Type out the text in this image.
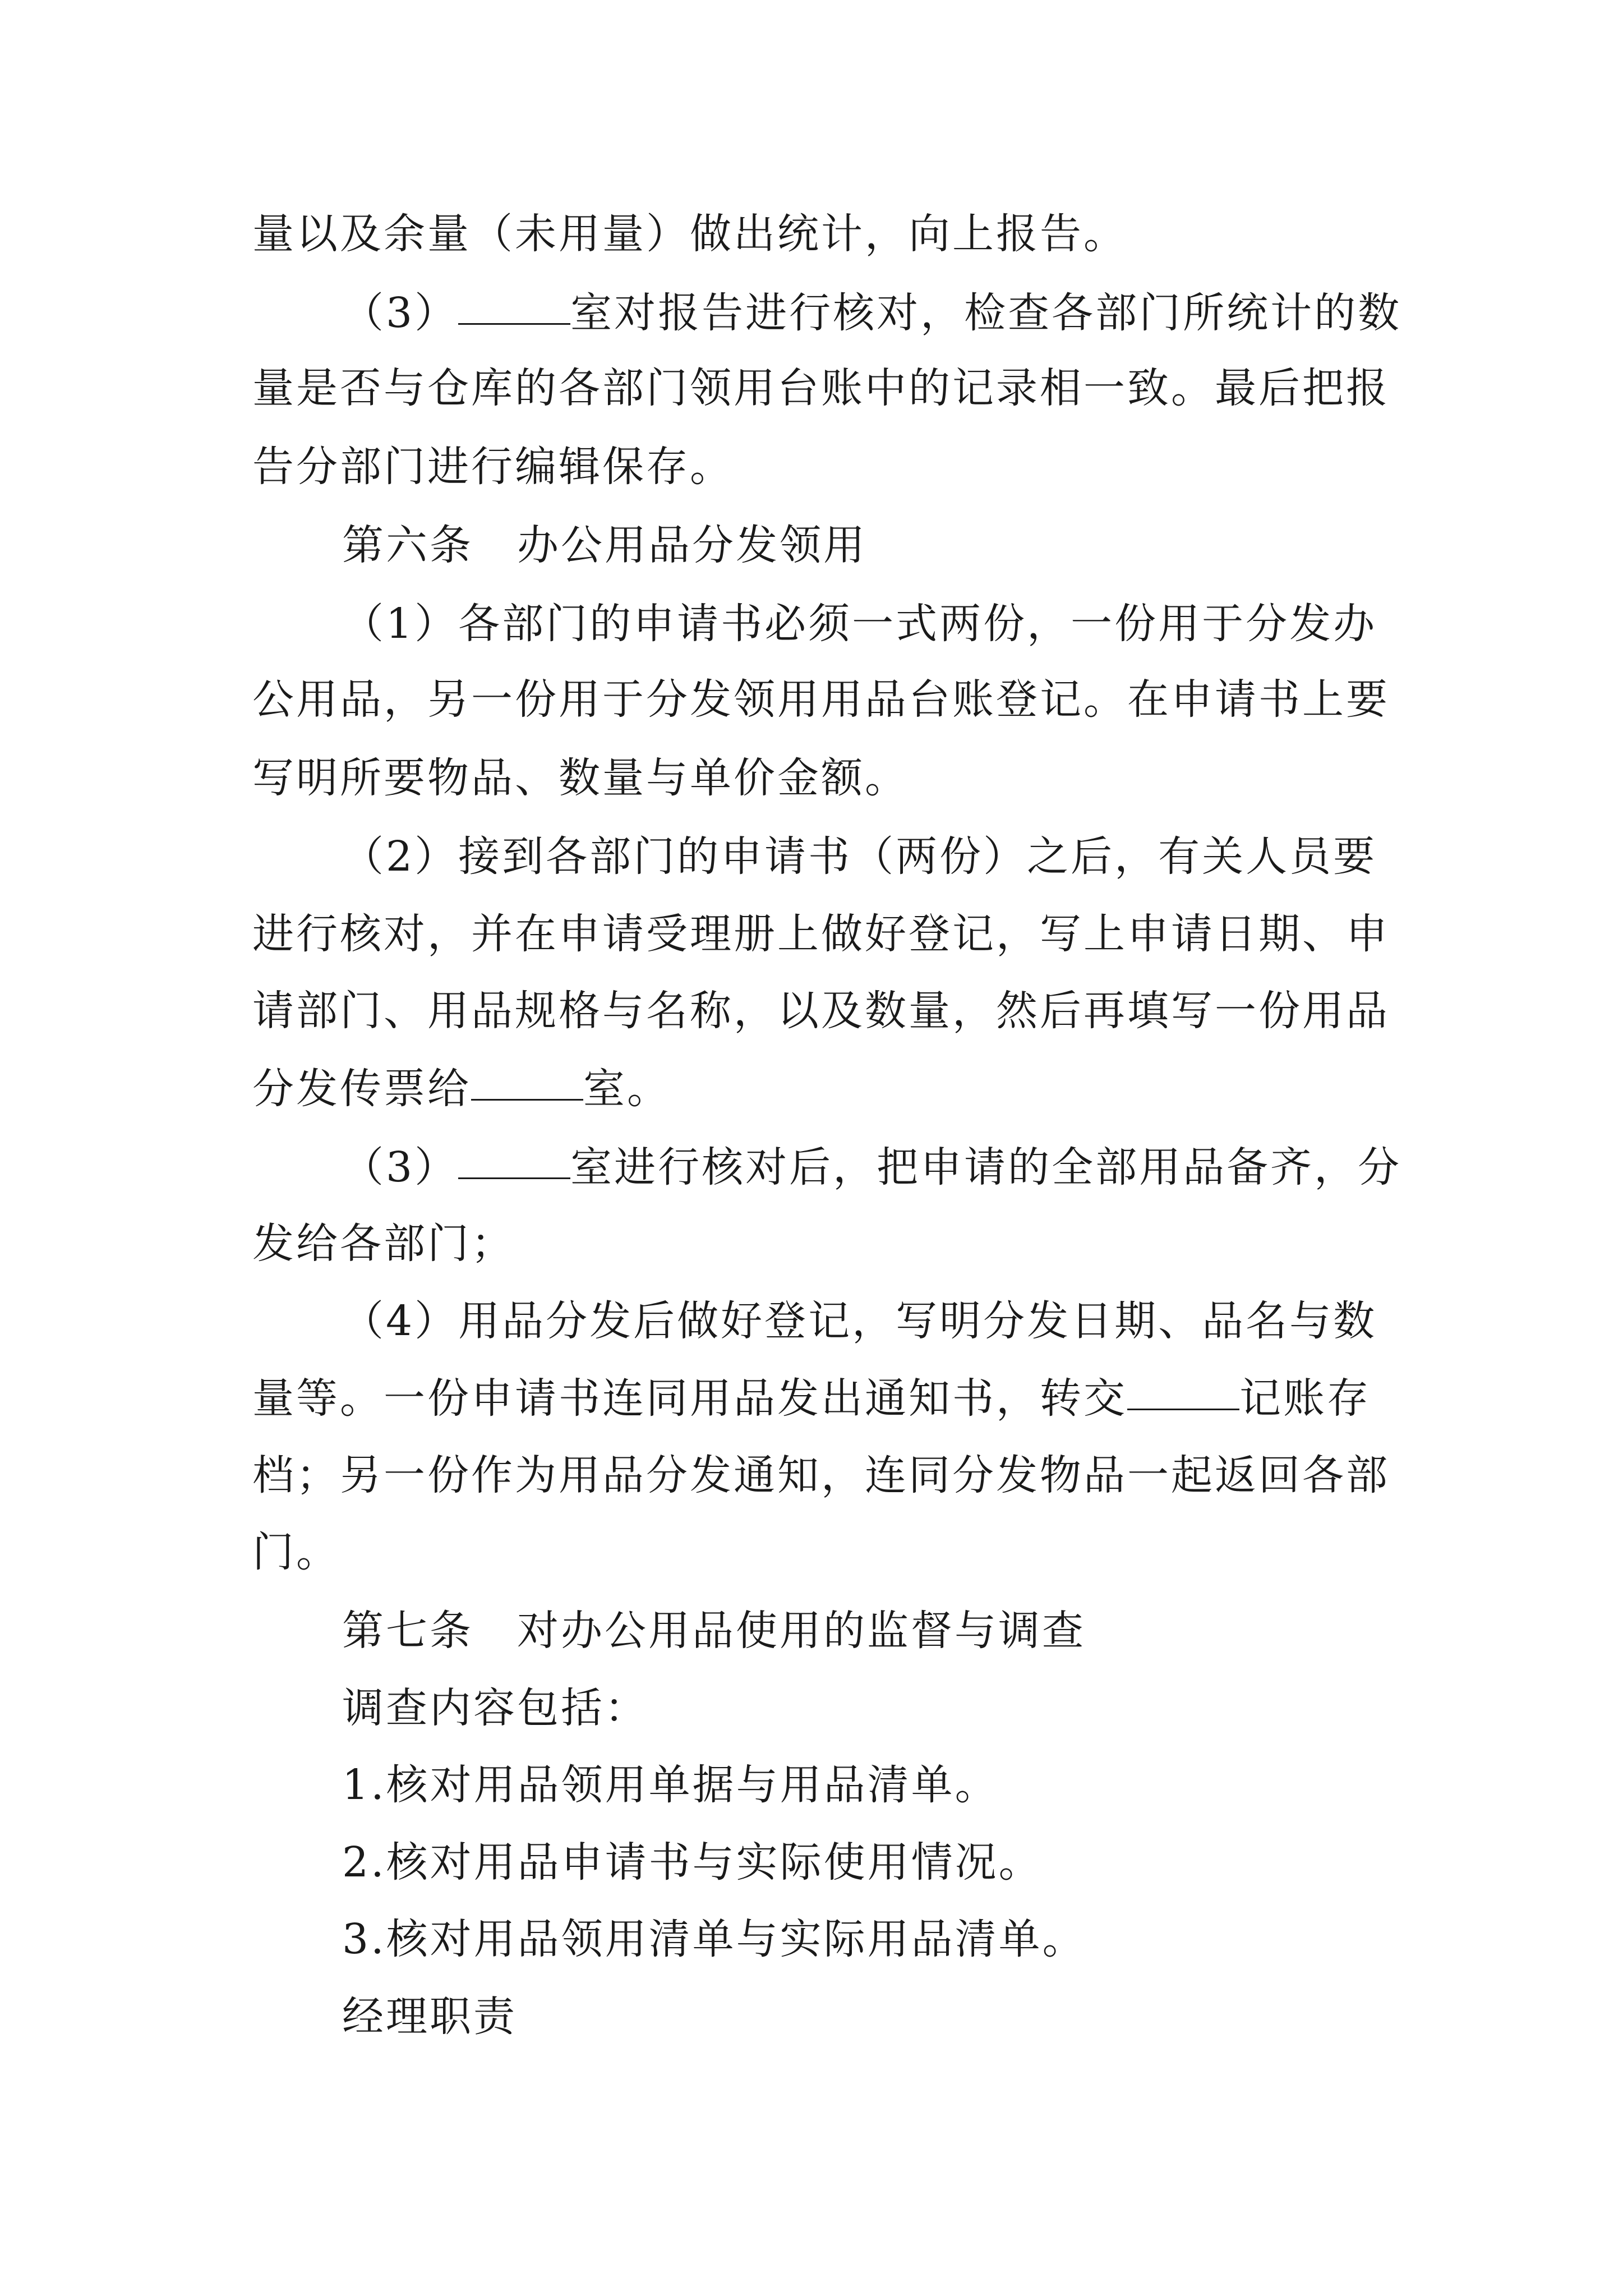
量以及余量（未用量）做出统计，向上报告。
（3）	室对报告进行核对，检查各部门所统计的数
量是否与仓库的各部门领用台账中的记录相一致。最后把报
告分部门进行编辑保存。
第六条　办公用品分发领用
（1）各部门的申请书必须一式两份，一份用于分发办
公用品，另一份用于分发领用用品台账登记。在申请书上要
写明所要物品、数量与单价金额。
（2）接到各部门的申请书（两份）之后，有关人员要
进行核对，并在申请受理册上做好登记，写上申请日期、申
请部门、用品规格与名称，以及数量，然后再填写一份用品
分发传票给	室。
（3）	室进行核对后，把申请的全部用品备齐，分
发给各部门；
（4）用品分发后做好登记，写明分发日期、品名与数
量等。一份申请书连同用品发出通知书，转交	记账存
档；另一份作为用品分发通知，连同分发物品一起返回各部
门。
第七条　对办公用品使用的监督与调查
调查内容包括：
1.核对用品领用单据与用品清单。
2.核对用品申请书与实际使用情况。
3.核对用品领用清单与实际用品清单。
经理职责
